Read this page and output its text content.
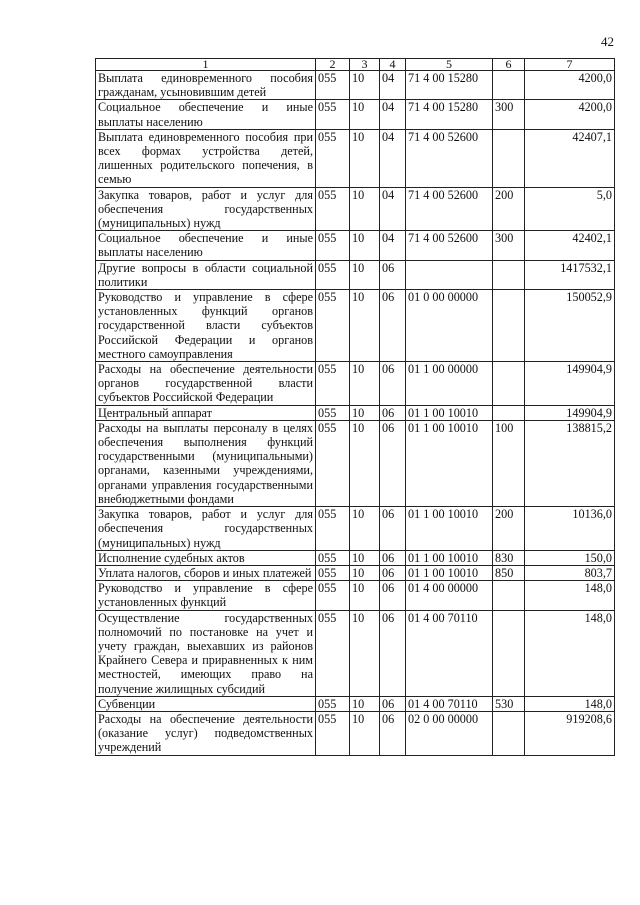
42
1	2	3	4	5	6	7
Выплата единовременного пособия гражданам, усыновившим детей	055	10	04	71 4 00 15280		4200,0
Социальное обеспечение и иные выплаты населению	055	10	04	71 4 00 15280	300	4200,0
Выплата единовременного пособия при всех формах устройства детей, лишенных родительского попечения, в семью	055	10	04	71 4 00 52600		42407,1
Закупка товаров, работ и услуг для обеспечения государственных (муниципальных) нужд	055	10	04	71 4 00 52600	200	5,0
Социальное обеспечение и иные выплаты населению	055	10	04	71 4 00 52600	300	42402,1
Другие вопросы в области социальной политики	055	10	06			1417532,1
Руководство и управление в сфере установленных функций органов государственной власти субъектов Российской Федерации и органов местного самоуправления	055	10	06	01 0 00 00000		150052,9
Расходы на обеспечение деятельности органов государственной власти субъектов Российской Федерации	055	10	06	01 1 00 00000		149904,9
Центральный аппарат	055	10	06	01 1 00 10010		149904,9
Расходы на выплаты персоналу в целях обеспечения выполнения функций государственными (муниципальными) органами, казенными учреждениями, органами управления государственными внебюджетными фондами	055	10	06	01 1 00 10010	100	138815,2
Закупка товаров, работ и услуг для обеспечения государственных (муниципальных) нужд	055	10	06	01 1 00 10010	200	10136,0
Исполнение судебных актов	055	10	06	01 1 00 10010	830	150,0
Уплата налогов, сборов и иных платежей	055	10	06	01 1 00 10010	850	803,7
Руководство и управление в сфере установленных функций	055	10	06	01 4 00 00000		148,0
Осуществление государственных полномочий по постановке на учет и учету граждан, выехавших из районов Крайнего Севера и приравненных к ним местностей, имеющих право на получение жилищных субсидий	055	10	06	01 4 00 70110		148,0
Субвенции	055	10	06	01 4 00 70110	530	148,0
Расходы на обеспечение деятельности (оказание услуг) подведомственных учреждений	055	10	06	02 0 00 00000		919208,6
